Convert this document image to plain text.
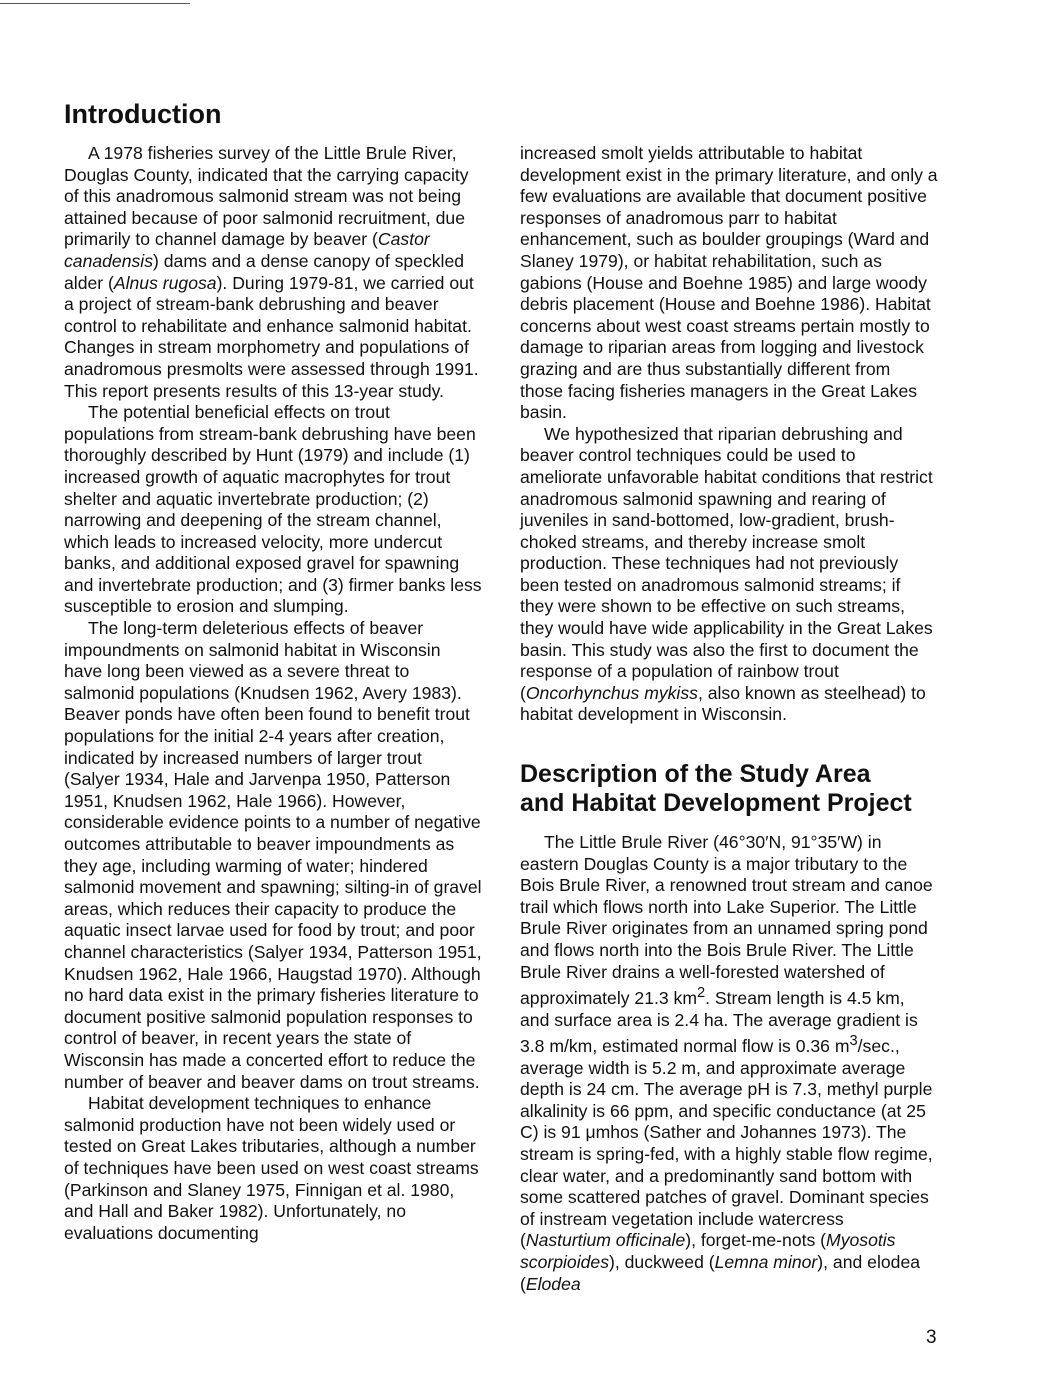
Introduction

A 1978 fisheries survey of the Little Brule River, Douglas County, indicated that the carrying capacity of this anadromous salmonid stream was not being attained because of poor salmonid recruitment, due primarily to channel damage by beaver (Castor canadensis) dams and a dense canopy of speckled alder (Alnus rugosa). During 1979-81, we carried out a project of stream-bank debrushing and beaver control to rehabilitate and enhance salmonid habitat. Changes in stream morphometry and populations of anadromous presmolts were assessed through 1991. This report presents results of this 13-year study.

The potential beneficial effects on trout populations from stream-bank debrushing have been thoroughly described by Hunt (1979) and include (1) increased growth of aquatic macrophytes for trout shelter and aquatic invertebrate production; (2) narrowing and deepening of the stream channel, which leads to increased velocity, more undercut banks, and additional exposed gravel for spawning and invertebrate production; and (3) firmer banks less susceptible to erosion and slumping.

The long-term deleterious effects of beaver impoundments on salmonid habitat in Wisconsin have long been viewed as a severe threat to salmonid populations (Knudsen 1962, Avery 1983). Beaver ponds have often been found to benefit trout populations for the initial 2-4 years after creation, indicated by increased numbers of larger trout (Salyer 1934, Hale and Jarvenpa 1950, Patterson 1951, Knudsen 1962, Hale 1966). However, considerable evidence points to a number of negative outcomes attributable to beaver impoundments as they age, including warming of water; hindered salmonid movement and spawning; silting-in of gravel areas, which reduces their capacity to produce the aquatic insect larvae used for food by trout; and poor channel characteristics (Salyer 1934, Patterson 1951, Knudsen 1962, Hale 1966, Haugstad 1970). Although no hard data exist in the primary fisheries literature to document positive salmonid population responses to control of beaver, in recent years the state of Wisconsin has made a concerted effort to reduce the number of beaver and beaver dams on trout streams.

Habitat development techniques to enhance salmonid production have not been widely used or tested on Great Lakes tributaries, although a number of techniques have been used on west coast streams (Parkinson and Slaney 1975, Finnigan et al. 1980, and Hall and Baker 1982). Unfortunately, no evaluations documenting

increased smolt yields attributable to habitat development exist in the primary literature, and only a few evaluations are available that document positive responses of anadromous parr to habitat enhancement, such as boulder groupings (Ward and Slaney 1979), or habitat rehabilitation, such as gabions (House and Boehne 1985) and large woody debris placement (House and Boehne 1986). Habitat concerns about west coast streams pertain mostly to damage to riparian areas from logging and livestock grazing and are thus substantially different from those facing fisheries managers in the Great Lakes basin.

We hypothesized that riparian debrushing and beaver control techniques could be used to ameliorate unfavorable habitat conditions that restrict anadromous salmonid spawning and rearing of juveniles in sand-bottomed, low-gradient, brush-choked streams, and thereby increase smolt production. These techniques had not previously been tested on anadromous salmonid streams; if they were shown to be effective on such streams, they would have wide applicability in the Great Lakes basin. This study was also the first to document the response of a population of rainbow trout (Oncorhynchus mykiss, also known as steelhead) to habitat development in Wisconsin.

Description of the Study Area
and Habitat Development Project

The Little Brule River (46°30′N, 91°35′W) in eastern Douglas County is a major tributary to the Bois Brule River, a renowned trout stream and canoe trail which flows north into Lake Superior. The Little Brule River originates from an unnamed spring pond and flows north into the Bois Brule River. The Little Brule River drains a well-forested watershed of approximately 21.3 $km^2$. Stream length is 4.5 km, and surface area is 2.4 ha. The average gradient is 3.8 m/km, estimated normal flow is 0.36 $m^3/\sec$., average width is 5.2 m, and approximate average depth is 24 cm. The average pH is 7.3, methyl purple alkalinity is 66 ppm, and specific conductance (at 25 C) is 91 μmhos (Sather and Johannes 1973). The stream is spring-fed, with a highly stable flow regime, clear water, and a predominantly sand bottom with some scattered patches of gravel. Dominant species of instream vegetation include watercress (Nasturtium officinale), forget-me-nots (Myosotis scorpioides), duckweed (Lemna minor), and elodea (Elodea

3
